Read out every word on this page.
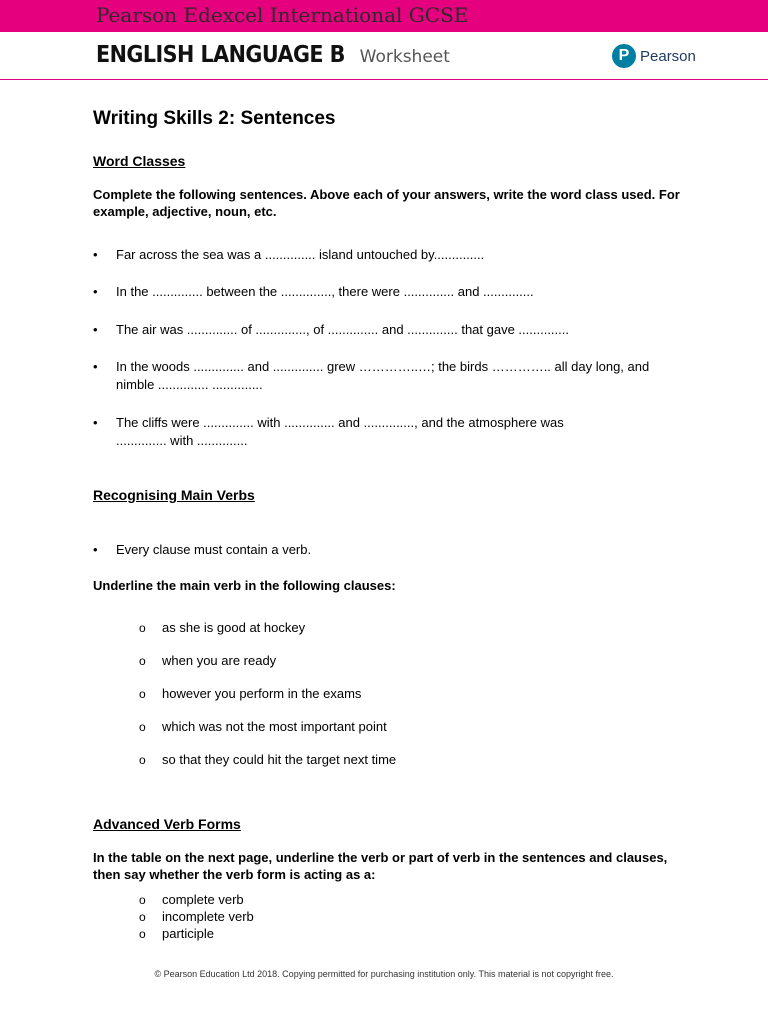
Pearson Edexcel International GCSE
ENGLISH LANGUAGE B Worksheet	P Pearson
Writing Skills 2: Sentences
Word Classes
Complete the following sentences. Above each of your answers, write the word class used. For example, adjective, noun, etc.
• Far across the sea was a .............. island untouched by..............
• In the .............. between the .............., there were .............. and ..............
• The air was .............. of .............., of .............. and .............. that gave ..............
• In the woods .............. and .............. grew …………..…; the birds ………….. all day long, and nimble .............. ..............
• The cliffs were .............. with .............. and .............., and the atmosphere was .............. with ..............
Recognising Main Verbs
• Every clause must contain a verb.
Underline the main verb in the following clauses:
o as she is good at hockey
o when you are ready
o however you perform in the exams
o which was not the most important point
o so that they could hit the target next time
Advanced Verb Forms
In the table on the next page, underline the verb or part of verb in the sentences and clauses, then say whether the verb form is acting as a:
o complete verb
o incomplete verb
o participle
© Pearson Education Ltd 2018. Copying permitted for purchasing institution only. This material is not copyright free.
